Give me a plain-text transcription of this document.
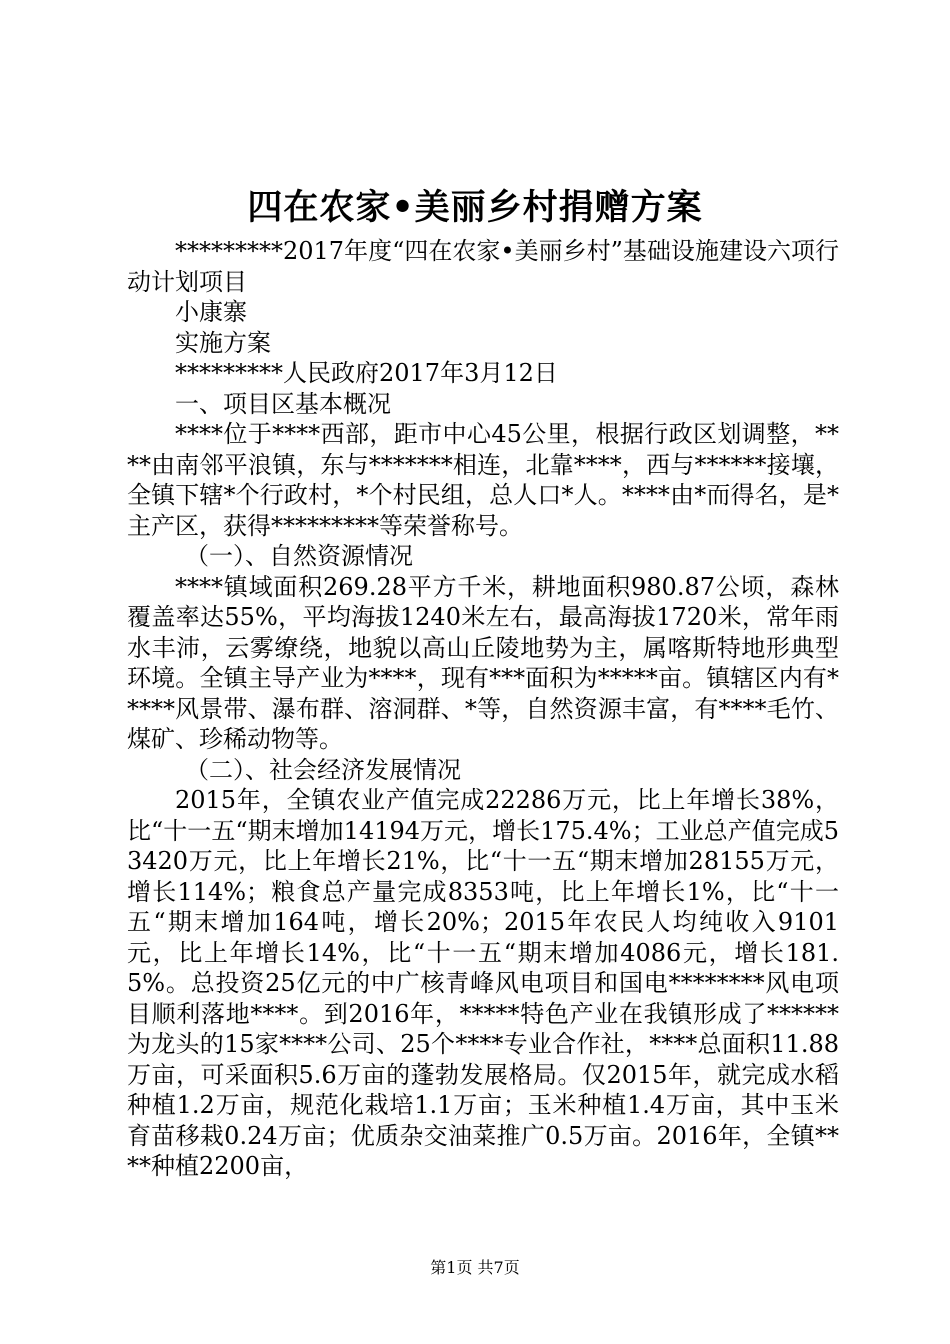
四在农家•美丽乡村捐赠方案

*********2017年度“四在农家•美丽乡村”基础设施建设六项行动计划项目

小康寨

实施方案

*********人民政府2017年3月12日

一、项目区基本概况

****位于****西部，距市中心45公里，根据行政区划调整，****由南邻平浪镇，东与*******相连，北靠****，西与******接壤，全镇下辖*个行政村，*个村民组，总人口*人。****由*而得名，是*主产区，获得*********等荣誉称号。

（一）、自然资源情况

****镇域面积269.28平方千米，耕地面积980.87公顷，森林覆盖率达55%，平均海拔1240米左右，最高海拔1720米，常年雨水丰沛，云雾缭绕，地貌以高山丘陵地势为主，属喀斯特地形典型环境。全镇主导产业为****，现有***面积为*****亩。镇辖区内有*****风景带、瀑布群、溶洞群、*等，自然资源丰富，有****毛竹、煤矿、珍稀动物等。

（二）、社会经济发展情况

2015年，全镇农业产值完成22286万元，比上年增长38%，比“十一五“期末增加14194万元，增长175.4%；工业总产值完成53420万元，比上年增长21%，比“十一五“期末增加28155万元，增长114%；粮食总产量完成8353吨，比上年增长1%，比“十一五“期末增加164吨，增长20%；2015年农民人均纯收入9101元，比上年增长14%，比“十一五“期末增加4086元，增长181.5%。总投资25亿元的中广核青峰风电项目和国电********风电项目顺利落地****。到2016年，*****特色产业在我镇形成了******为龙头的15家****公司、25个****专业合作社，****总面积11.88万亩，可采面积5.6万亩的蓬勃发展格局。仅2015年，就完成水稻种植1.2万亩，规范化栽培1.1万亩；玉米种植1.4万亩，其中玉米育苗移栽0.24万亩；优质杂交油菜推广0.5万亩。2016年，全镇****种植2200亩，

第1页 共7页
